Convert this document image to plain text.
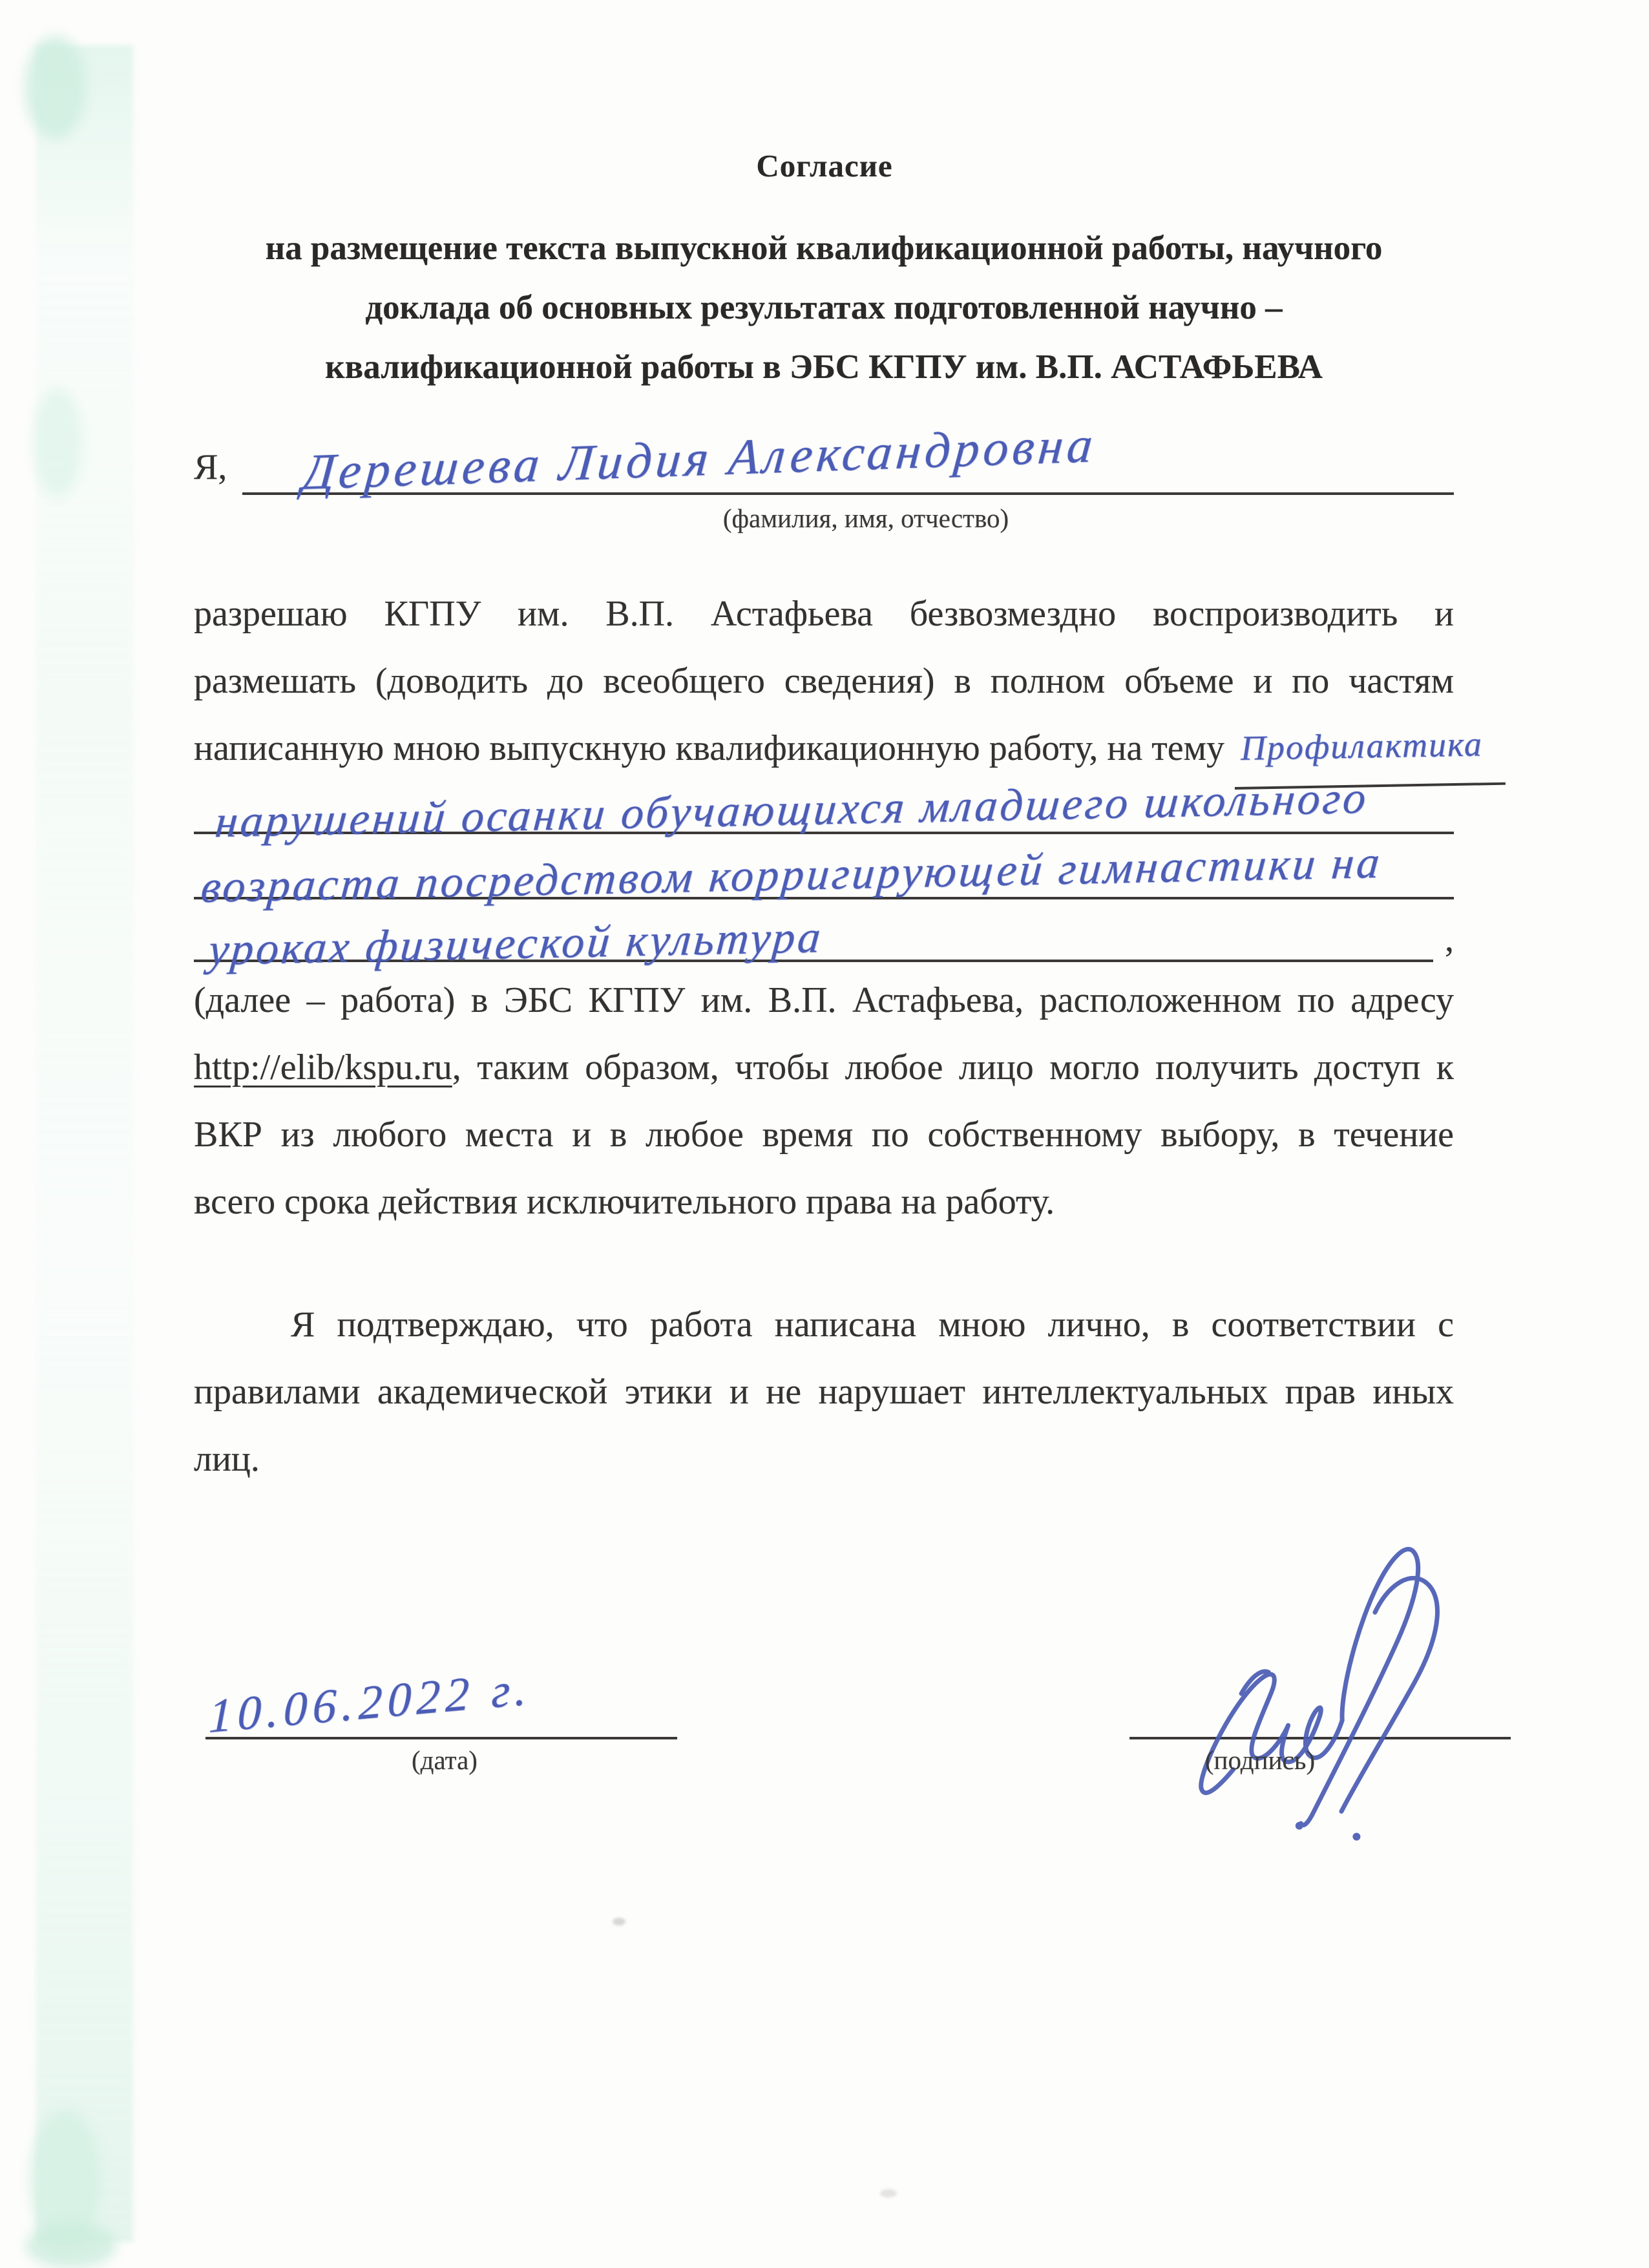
Согласие
на размещение текста выпускной квалификационной работы, научного
доклада об основных результатах подготовленной научно –
квалификационной работы в ЭБС КГПУ им. В.П. АСТАФЬЕВА
Я, Дерешева Лидия Александровна
(фамилия, имя, отчество)
разрешаю КГПУ им. В.П. Астафьева безвозмездно воспроизводить и
размешать (доводить до всеобщего сведения) в полном объеме и по частям
написанную мною выпускную квалификационную работу, на тему Профилактика
нарушений осанки обучающихся младшего школьного
возраста посредством корригирующей гимнастики на
уроках физической культура	,
(далее – работа) в ЭБС КГПУ им. В.П. Астафьева, расположенном по адресу
http://elib/kspu.ru, таким образом, чтобы любое лицо могло получить доступ к
ВКР из любого места и в любое время по собственному выбору, в течение
всего срока действия исключительного права на работу.
Я подтверждаю, что работа написана мною лично, в соответствии с
правилами академической этики и не нарушает интеллектуальных прав иных
лиц.
10.06.2022 г.
(дата)	(подпись)
